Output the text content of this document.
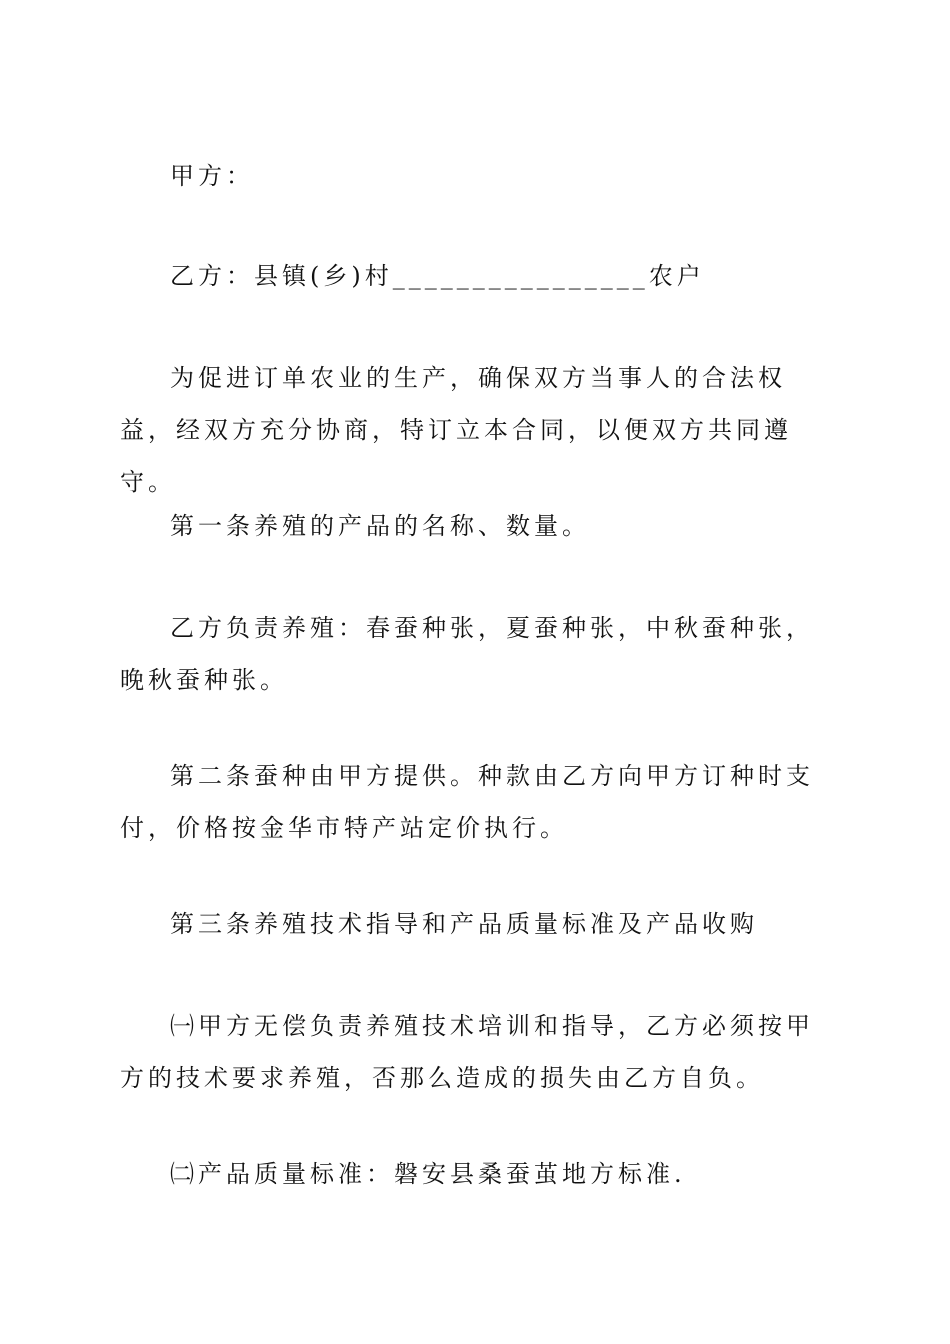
甲方：

乙方：县镇(乡)村________________农户

为促进订单农业的生产，确保双方当事人的合法权益，经双方充分协商，特订立本合同，以便双方共同遵守。

第一条养殖的产品的名称、数量。

乙方负责养殖：春蚕种张，夏蚕种张，中秋蚕种张，晚秋蚕种张。

第二条蚕种由甲方提供。种款由乙方向甲方订种时支付，价格按金华市特产站定价执行。

第三条养殖技术指导和产品质量标准及产品收购

㈠甲方无偿负责养殖技术培训和指导，乙方必须按甲方的技术要求养殖，否那么造成的损失由乙方自负。

㈡产品质量标准：磐安县桑蚕茧地方标准.
